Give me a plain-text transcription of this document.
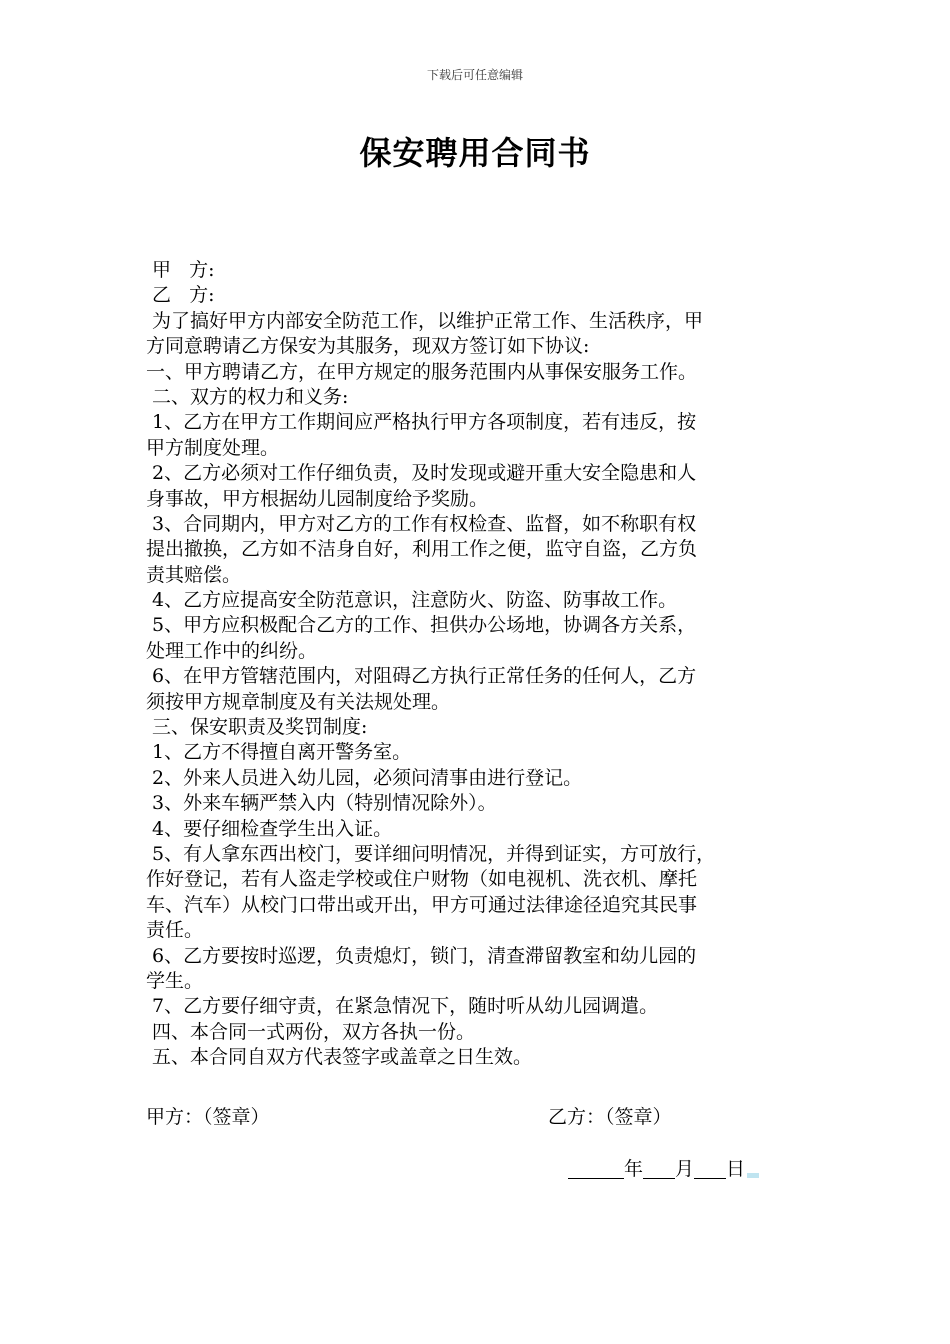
下载后可任意编辑
保安聘用合同书
甲   方:
乙   方:
为了搞好甲方内部安全防范工作，以维护正常工作、生活秩序，甲
方同意聘请乙方保安为其服务，现双方签订如下协议:
一、甲方聘请乙方，在甲方规定的服务范围内从事保安服务工作。
二、双方的权力和义务:
1、乙方在甲方工作期间应严格执行甲方各项制度，若有违反，按
甲方制度处理。
2、乙方必须对工作仔细负责，及时发现或避开重大安全隐患和人
身事故，甲方根据幼儿园制度给予奖励。
3、合同期内，甲方对乙方的工作有权检查、监督，如不称职有权
提出撤换，乙方如不洁身自好，利用工作之便，监守自盗，乙方负
责其赔偿。
4、乙方应提高安全防范意识，注意防火、防盗、防事故工作。
5、甲方应积极配合乙方的工作、担供办公场地，协调各方关系，
处理工作中的纠纷。
6、在甲方管辖范围内，对阻碍乙方执行正常任务的任何人，乙方
须按甲方规章制度及有关法规处理。
三、保安职责及奖罚制度:
1、乙方不得擅自离开警务室。
2、外来人员进入幼儿园，必须问清事由进行登记。
3、外来车辆严禁入内（特别情况除外）。
4、要仔细检查学生出入证。
5、有人拿东西出校门，要详细问明情况，并得到证实，方可放行，
作好登记，若有人盗走学校或住户财物（如电视机、洗衣机、摩托
车、汽车）从校门口带出或开出，甲方可通过法律途径追究其民事
责任。
6、乙方要按时巡逻，负责熄灯，锁门，清查滞留教室和幼儿园的
学生。
7、乙方要仔细守责，在紧急情况下，随时听从幼儿园调遣。
四、本合同一式两份，双方各执一份。
五、本合同自双方代表签字或盖章之日生效。
甲方：（签章）	乙方：（签章）
年 月 日
